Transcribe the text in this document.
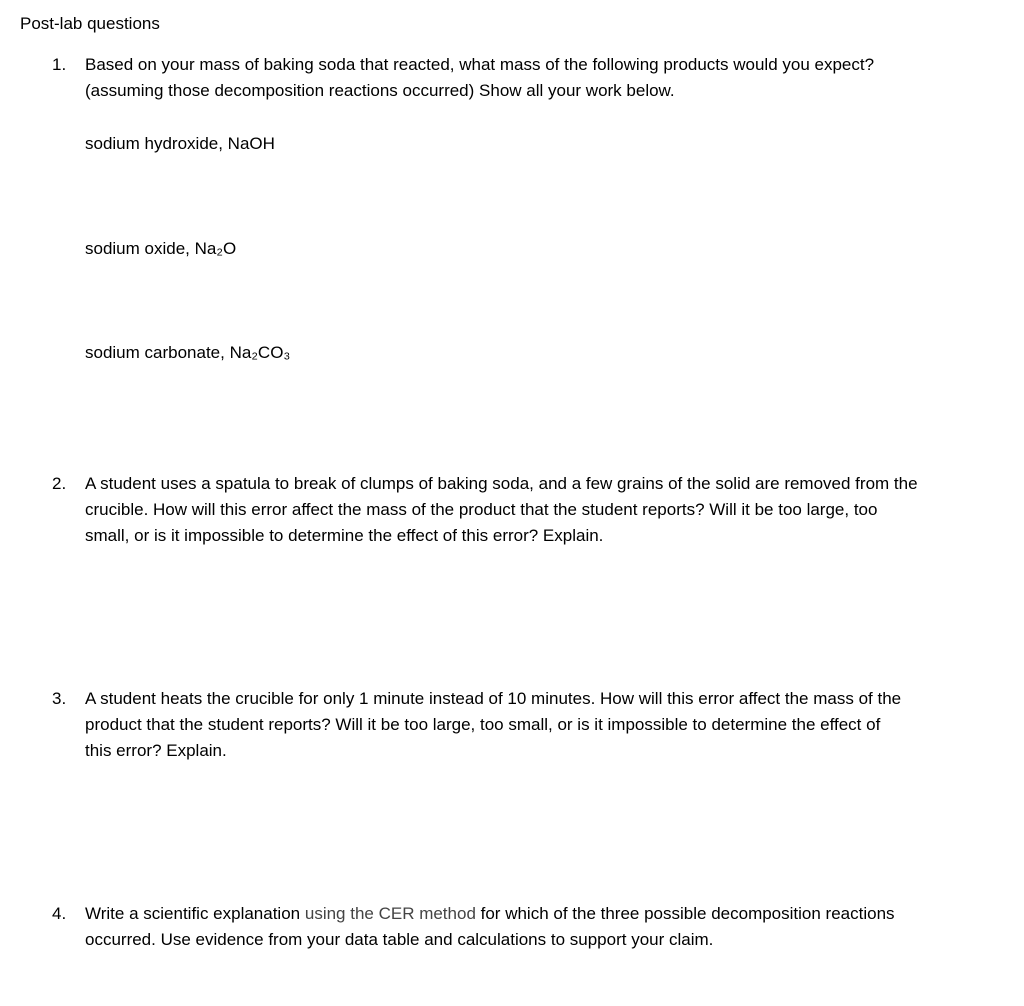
Post-lab questions
1.	Based on your mass of baking soda that reacted, what mass of the following products would you expect?
(assuming those decomposition reactions occurred) Show all your work below.
sodium hydroxide, NaOH
sodium oxide, Na₂O
sodium carbonate, Na₂CO₃
2.	A student uses a spatula to break of clumps of baking soda, and a few grains of the solid are removed from the
crucible. How will this error affect the mass of the product that the student reports? Will it be too large, too
small, or is it impossible to determine the effect of this error? Explain.
3.	A student heats the crucible for only 1 minute instead of 10 minutes. How will this error affect the mass of the
product that the student reports? Will it be too large, too small, or is it impossible to determine the effect of
this error? Explain.
4.	Write a scientific explanation using the CER method for which of the three possible decomposition reactions
occurred. Use evidence from your data table and calculations to support your claim.
